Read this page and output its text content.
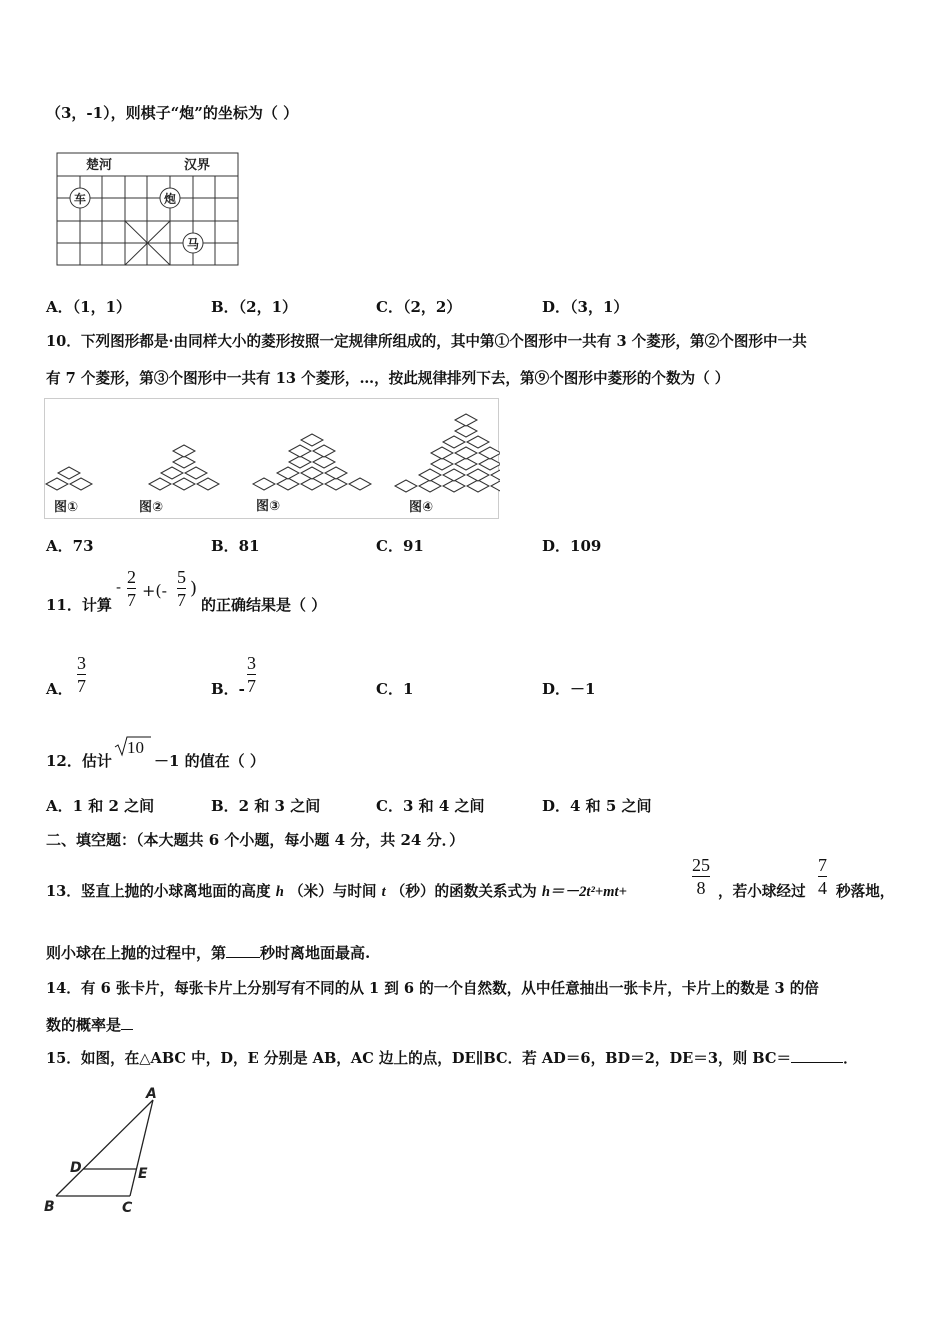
（3，-1），则棋子“炮”的坐标为（ ）
楚河	汉界
车	炮
马
A．（1，1）	B．（2，1）	C．（2，2）	D．（3，1）
10．下列图形都是·由同样大小的菱形按照一定规律所组成的，其中第①个图形中一共有 3 个菱形，第②个图形中一共
有 7 个菱形，第③个图形中一共有 13 个菱形，…，按此规律排列下去，第⑨个图形中菱形的个数为（ ）
图①	图②	图③	图④
A．73	B．81	C．91	D．109
11．计算
- 2
7 +(-
5
7
)
的正确结果是（ ）
A．
3
7	B．-
3
7	C．1	D．－1
12．估计
10
－1 的值在（ ）
A．1 和 2 之间	B．2 和 3 之间	C．3 和 4 之间	D．4 和 5 之间
二、填空题：（本大题共 6 个小题，每小题 4 分，共 24 分．）
13．竖直上抛的小球离地面的高度 h （米）与时间 t （秒）的函数关系式为 h＝－2t²+mt+
25
8 ，若小球经过
7
4 秒落地，
则小球在上抛的过程中，第 秒时离地面最高.
14．有 6 张卡片，每张卡片上分别写有不同的从 1 到 6 的一个自然数，从中任意抽出一张卡片，卡片上的数是 3 的倍
数的概率是
15．如图，在△ABC 中，D，E 分别是 AB，AC 边上的点，DE∥BC．若 AD＝6，BD＝2，DE＝3，则 BC＝	．
A
D	E
B	C
